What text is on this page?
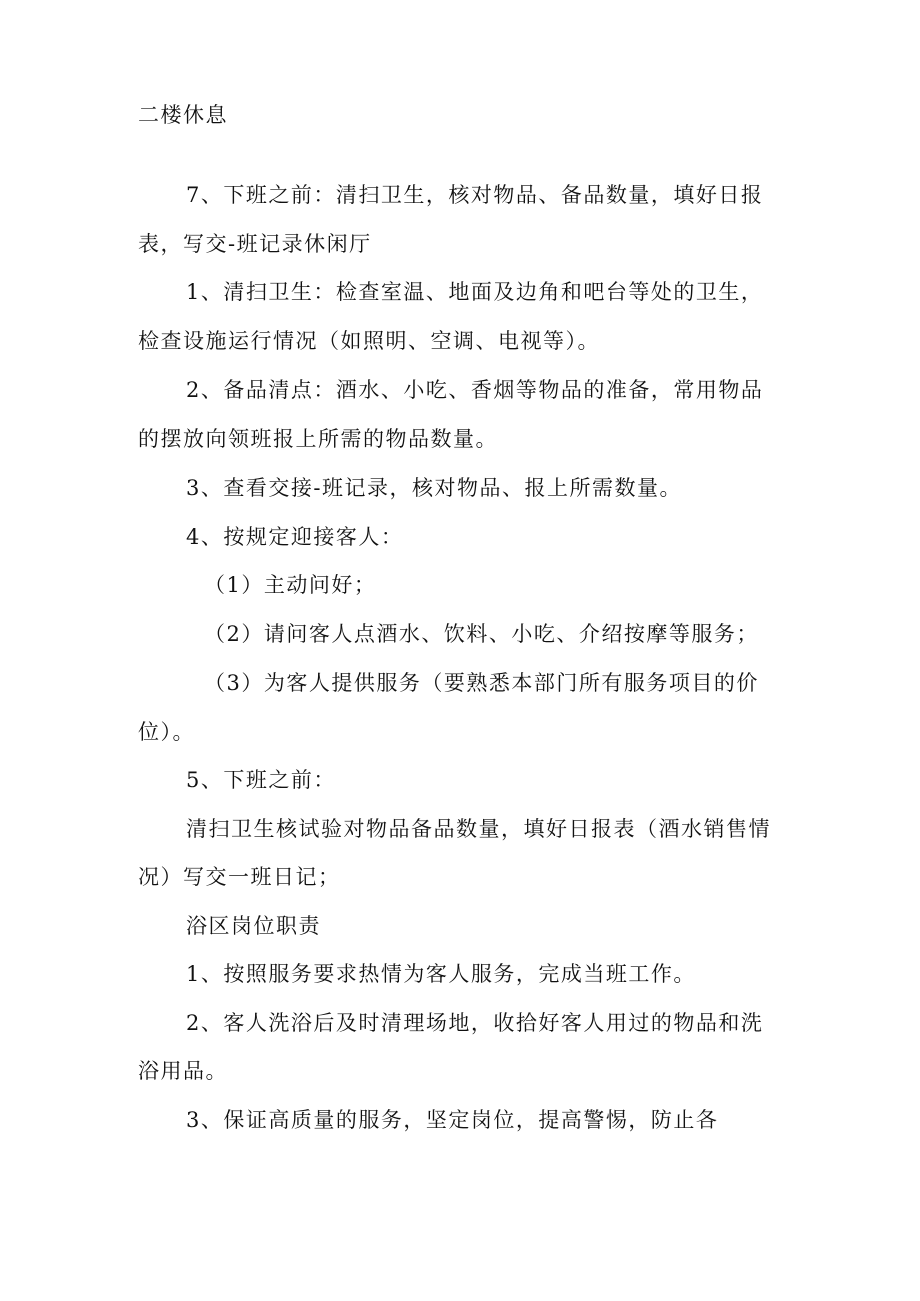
二楼休息
7、下班之前：清扫卫生，核对物品、备品数量，填好日报
表，写交-班记录休闲厅
1、清扫卫生：检查室温、地面及边角和吧台等处的卫生，
检查设施运行情况（如照明、空调、电视等）。
2、备品清点：酒水、小吃、香烟等物品的准备，常用物品
的摆放向领班报上所需的物品数量。
3、查看交接-班记录，核对物品、报上所需数量。
4、按规定迎接客人：
（1）主动问好；
（2）请问客人点酒水、饮料、小吃、介绍按摩等服务；
（3）为客人提供服务（要熟悉本部门所有服务项目的价
位）。
5、下班之前：
清扫卫生核试验对物品备品数量，填好日报表（酒水销售情
况）写交一班日记；
浴区岗位职责
1、按照服务要求热情为客人服务，完成当班工作。
2、客人洗浴后及时清理场地，收拾好客人用过的物品和洗
浴用品。
3、保证高质量的服务，坚定岗位，提高警惕，防止各
